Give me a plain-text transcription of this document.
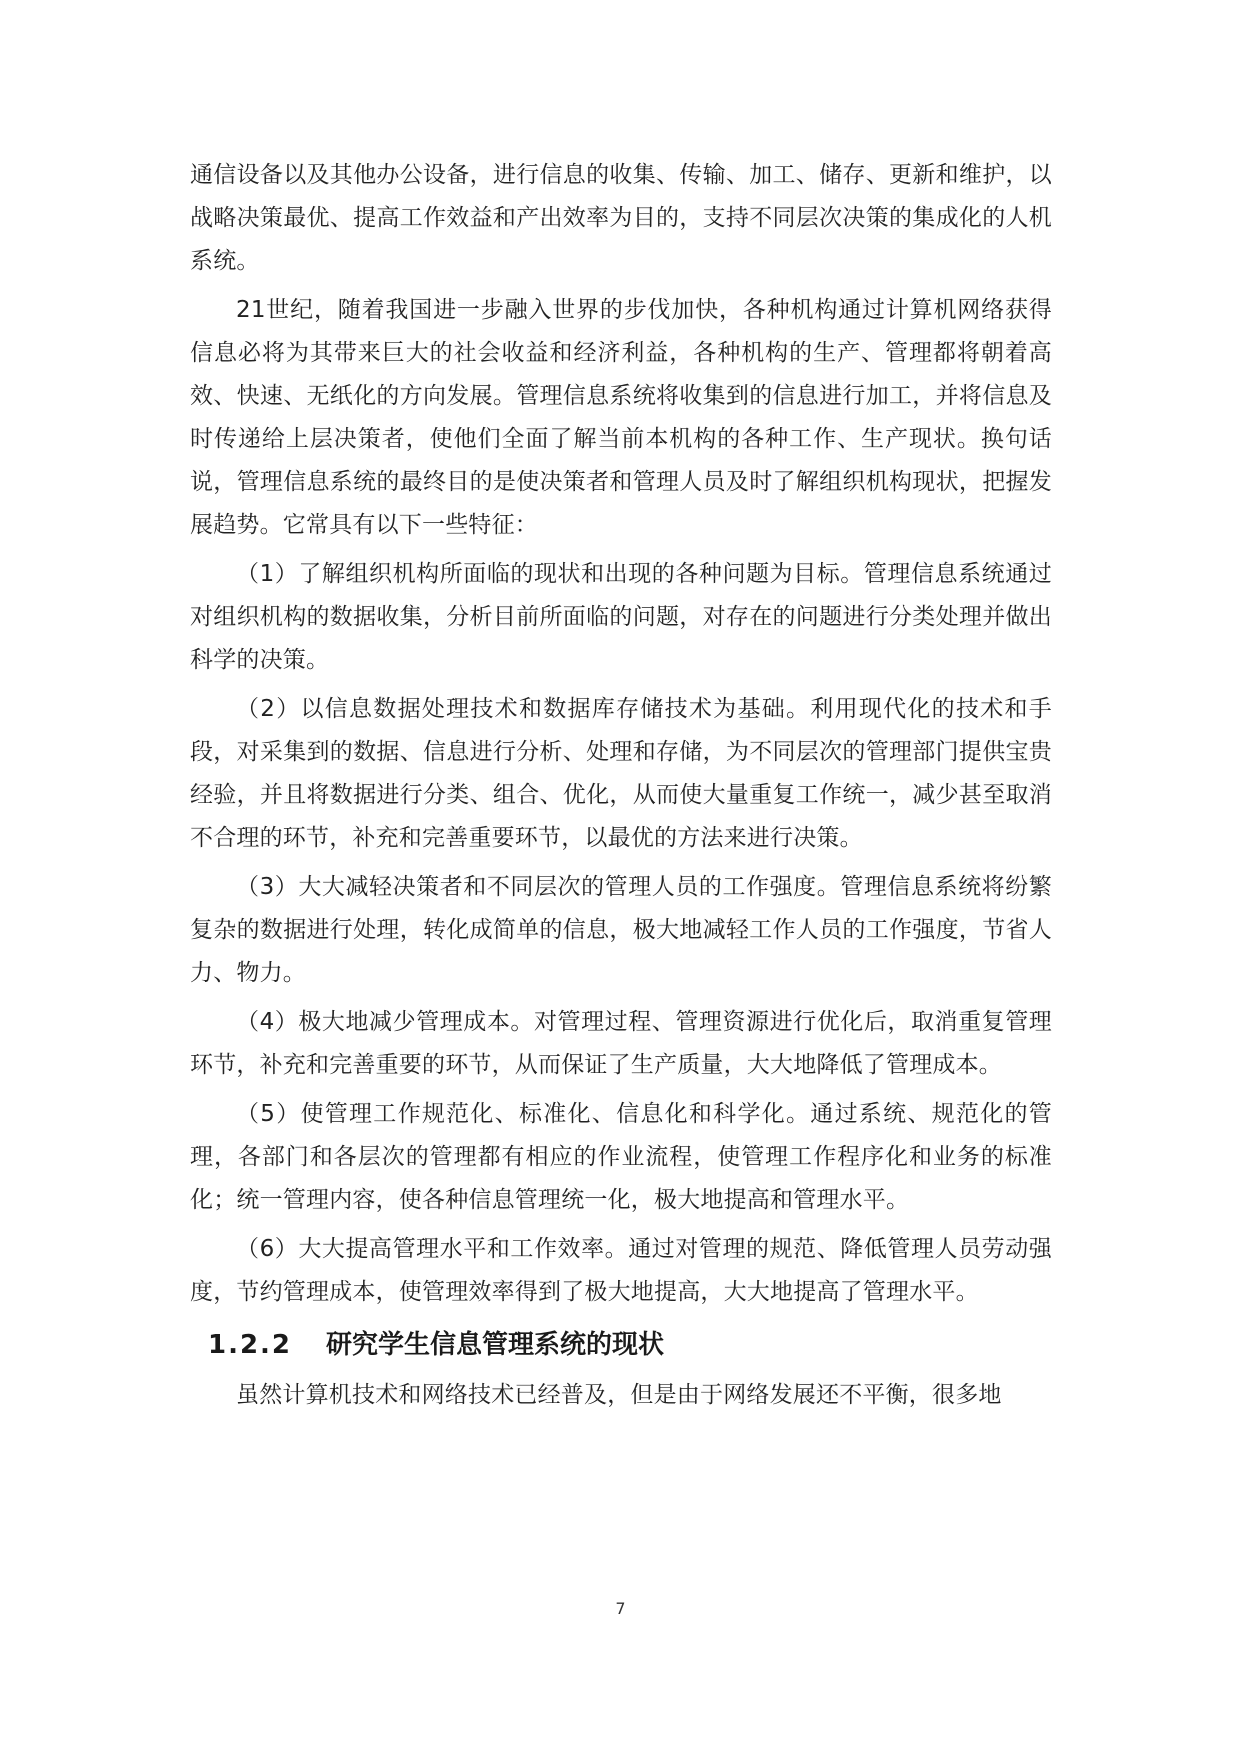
通信设备以及其他办公设备，进行信息的收集、传输、加工、储存、更新和维护，以战略决策最优、提高工作效益和产出效率为目的，支持不同层次决策的集成化的人机系统。

21世纪，随着我国进一步融入世界的步伐加快，各种机构通过计算机网络获得信息必将为其带来巨大的社会收益和经济利益，各种机构的生产、管理都将朝着高效、快速、无纸化的方向发展。管理信息系统将收集到的信息进行加工，并将信息及时传递给上层决策者，使他们全面了解当前本机构的各种工作、生产现状。换句话说，管理信息系统的最终目的是使决策者和管理人员及时了解组织机构现状，把握发展趋势。它常具有以下一些特征：

（1）了解组织机构所面临的现状和出现的各种问题为目标。管理信息系统通过对组织机构的数据收集，分析目前所面临的问题，对存在的问题进行分类处理并做出科学的决策。

（2）以信息数据处理技术和数据库存储技术为基础。利用现代化的技术和手段，对采集到的数据、信息进行分析、处理和存储，为不同层次的管理部门提供宝贵经验，并且将数据进行分类、组合、优化，从而使大量重复工作统一，减少甚至取消不合理的环节，补充和完善重要环节，以最优的方法来进行决策。

（3）大大减轻决策者和不同层次的管理人员的工作强度。管理信息系统将纷繁复杂的数据进行处理，转化成简单的信息，极大地减轻工作人员的工作强度，节省人力、物力。

（4）极大地减少管理成本。对管理过程、管理资源进行优化后，取消重复管理环节，补充和完善重要的环节，从而保证了生产质量，大大地降低了管理成本。

（5）使管理工作规范化、标准化、信息化和科学化。通过系统、规范化的管理，各部门和各层次的管理都有相应的作业流程，使管理工作程序化和业务的标准化；统一管理内容，使各种信息管理统一化，极大地提高和管理水平。

（6）大大提高管理水平和工作效率。通过对管理的规范、降低管理人员劳动强度，节约管理成本，使管理效率得到了极大地提高，大大地提高了管理水平。

1.2.2 研究学生信息管理系统的现状

虽然计算机技术和网络技术已经普及，但是由于网络发展还不平衡，很多地

7
